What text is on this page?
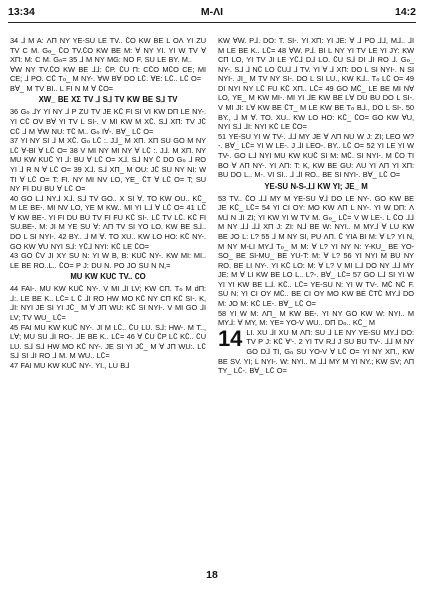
13:34	M-ɅI	14:2

34 ⅃ M A: ɅΠ NY YE-SU LE TV.. ∁O KW BE L OɅ YI ZU TV C M. Gℴ_ ∁O TV.∁O KW BE M: ∀ NY YI. YI W TV ∀ XΠ: M: C M. Gℴ= 35 ⅃ M NY MG: NO F. SU LE BY. M..

∀W NY TV.∁O KW BE ⅃⅃: ∁P. ∁U Π: C∁O M∁O CE; MI CE; ⅃ PO. C∁ Tℴ_ M NY-. ∀W B∀ DO L∁. ∀E: L∁.. L∁ O=

B∀_ M TV BI.. L FI N M ∀ ∁O=

XW_ BE XΣ TV ⅃ S⅃ TV KW BE S⅃ TV

36 Gℴ ⅃Y YI NY ⅃ P ZU TV JE K∁ FI SI VI KW DΠ LE NY-. YI C∁ OV B∀ YI TV L SI-. V MI KW M X∁. S⅃ XΠ: TV J∁ C∁ ⅃ M ∀W NU: T∁ M.. Gℴ I∀-. B∀_ L∁ O=

37 YI NY SI ⅃ M X∁. Gℴ L∁ :. J⅃_ M XΠ. XΠ SU GO M NY L∁ ∀-BI ∀ L∁ O= 38 V MI NY MI NY ∀ L∁ :. J⅃. M XΠ. NY MU KW KU∁ YI ⅃: BU ∀ L∁ O= X⅃. S⅃ NY ∁ DO Gℴ ⅃ RO YI ⅃ R N ∀ L∁ O= 39 X⅃. S⅃ XΠ_ M OU: J∁ SU NY NI: W TI ∀ L∁ O= T: FI. NY MI NV LO, YE_ ∁T ∀ L∁ O= T; SU NY FI DU BU ∀ L∁ O=

40 GO L⅃ NY⅃ X⅃. S⅃ TV GO.. X SI ∀. TO KW OU.. K∁_ M LE BE-. MI NV LO, YE M KW.. MI YI L⅃ ∀ L∁ O= 41 L∁ ∀ KW BE-. YI FI DU BU TV FI FU K∁ SI-. L∁ TV L∁. K∁ FI SU.BE-. M: JI M YE SU ∀: ɅΠ TV SI YO LO. KW BE S⅃.. DO L SI NYI-. 42 BY.. ⅃ M ∀. TO XU.. KW LO HO: K∁ NY-. GO KW ∀U NYI S⅃: Y∁⅃ NYI: K∁ LE ∁O=

43 GO ∁V JI XY SU N: YI W B, B: KU∁ NY-. KW MI: MI.. LE BE RO..L.. ∁O= P J: DU N. PO JO SU N N,=

MU KW KU∁ TV.. ∁O

44 FAI-. MU KW KU∁ NY-. V MI ⅃I LV; KW CΠ. Tℴ M dΠ: ⅃:. LE BE K.. L∁= L ∁ ⅃I RO HW MO K∁ NY CΠ K∁ SI-. K, ⅃I: NYI JE SI YI J∁_ M ∀ JΠ WU: K∁ SI NYI-. V MI GO ⅃I LV; TV WU_ L∁=

45 FAI MU KW KU∁ NY-. JI M L∁.. ∁U LU. S⅃: HW-. M T.., L∀; MU SU ⅃I RO-. ⅃E BE K.. L∁= 46 ∀ ∁U ∁P L∁ K∁.. ∁U LU. S⅃ S⅃ HW MO K∁ NY-. JE SI YI J∁_ M ∀ JΠ WU:. L∁ S⅃ SI ⅃I RO ⅃ M. M WU.. L∁=

47 FAI MU KW KU∁ NY-. YI., LU B⅃

KW ∀W. P⅃. DO: T. SI-. YI XΠ: YI JE: ∀ ⅃ PO ⅃⅃, M⅃.. ⅃I M LE BE K.. L∁= 48 ∀W. P⅃. BI L NY YI TV LE YI JY: KW CΠ LO, YI TV JI LE Y∁⅃ D⅃ LO. ∁U S⅃ DI ⅃I RO ⅃. Gℴ_ NY-. S⅃ ⅃ N∁ LO ∁U⅃ ⅃ TV. YI ∀ ⅃ XΠ: DO L SI NYI-. N SI NYI-. JI_ M TV NY SI-. DO L SI LU., KW K⅃.. Tℴ L∁ O= 49 DI NYI NY L∁ FU K∁ XΠ.. L∁= 49 GO M∁_ LE BE MI N∀ LO, YE_ M KW MI-. MI YI ⅃E KW BE L∀ DU BU DO L SI-. V MI JI: L∀ KW BE ∁T_ M LE KW BE Tℴ B⅃., DO L SI-. 50 BY., ⅃ M ∀. TO. XU.. KW LO HO: K∁_ ∁O= GO KW ∀U, NYI S⅃ ⅃I: NYI K∁ LE ∁O=

51 YE-SU YI W TV-. ⅃⅃ MY JE ∀ ɅΠ NU W J: ZI; LEO W?-. B∀_ L∁= YI W LE-. J ⅃I LEO-. BY.. L∁ O= 52 YI LE YI W TV-. GO L⅃ NYI MU KW KU∁ SI M: M∁. SI NYI-. M ∁O TI BO ∀ ɅΠ NY-. YI ɅΠ: T: K, KW BE GU: ɅU YI ɅΠ YI XΠ: BU DO L.. M-. VI SI.. ⅃ ⅃I RO.. BE SI NYI-. B∀_ L∁ O=

YE-SU N-S-⅃⅃ KW YI; JE_ M

53 TV.. ∁O ⅃⅃ MY M YE-SU ∀⅃ DO LE NY-. GO KW BE JE K∁_ L∁= 54 YI CI OY: MO KW ɅΠ L NY-. YI W DΠ: Ʌ M⅃ N ⅃I ZI; YI KW YI W TV M. Gℴ_ L∁= V W LE-. L ∁O ⅃⅃ M NY ⅃⅃ ⅃⅃ XΠ J: ZI: N⅃ BE W: NYI.. M MY⅃ ∀ LU KW BE JO L: L? 55 ⅃ M NY SI, PU ɅΠ. ∁ YIA BI M: ∀ L? YI N, M NY M-LI MY⅃ Tℴ_ M M: ∀ L? YI NY N: Y-KU_ BE YO-SO_ BE SI-MU_ BE YU-T: M: ∀ L? 56 YI NYI M BU NY RO. BE LI NY-. YI K∁ LO: M: ∀ L? V MI L⅃ DO NY ⅃⅃ MY JE: M ∀ LI KW BE LO L.. L?-. B∀_ L∁= 57 GO L⅃ SI YI W YI YI KW BE L⅃. K∁.. L∁= YE-SU N: YI W TV-. M∁ N∁ F. SU N: YI CI OY M∁.. BE CI OY MO KW BE ∁T∁ MY⅃ DO M: JO M: K∁ LE-. B∀_ L∁ O=

58 YI W M: ɅΠ_ M KW BE-. YI NY GO KW W: NYI.. M MY⅃: ∀ MY, M: YE= YO-V WU.. DΠ Dℴ.. K∁_ M

14 LI. XU ⅃I XU M ɅΠ: SU ⅃ LE NY YE-SU MY⅃ DO: TV P J: K∁ ∀'-. 2 YI TV R⅃ J SU BU TV-. ⅃⅃ M NY GO D⅃ TI, Gℴ SU YO-V ∀ L∁ O= YI NY XΠ., KW BE SV. YI; L NYI-. W: NYI.. M ⅃⅃ MY M YI NY.; KW SV; ɅΠ TY_ L∁-. B∀_ L∁ O=

18
